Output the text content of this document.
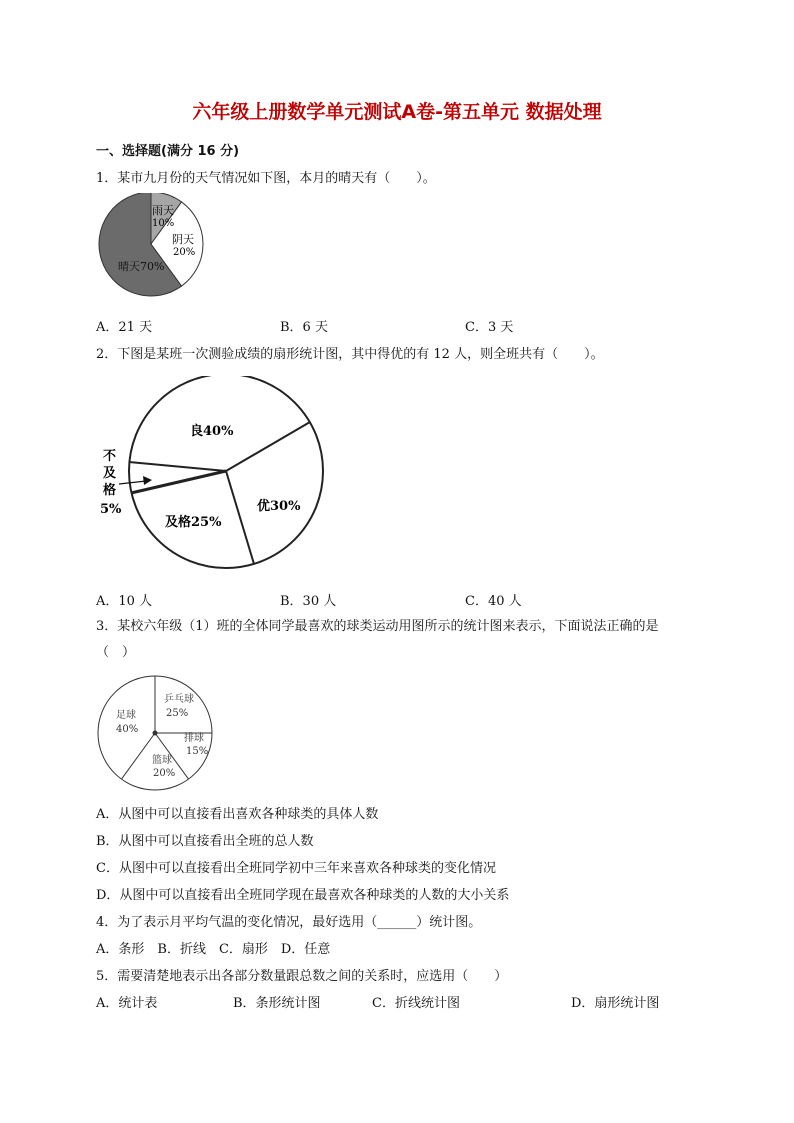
六年级上册数学单元测试A卷-第五单元 数据处理
一、选择题(满分 16 分)
1．某市九月份的天气情况如下图，本月的晴天有（　　）。
雨天
10%
阴天
20%
晴天70%
A．21 天	B．6 天	C．3 天
2．下图是某班一次测验成绩的扇形统计图，其中得优的有 12 人，则全班共有（　　）。
良40%
优30%
及格25%
不
及
格
5%
A．10 人	B．30 人	C．40 人
3．某校六年级（1）班的全体同学最喜欢的球类运动用图所示的统计图来表示，下面说法正确的是
（　）
乒乓球
25%
排球
15%
篮球
20%
足球
40%
A．从图中可以直接看出喜欢各种球类的具体人数
B．从图中可以直接看出全班的总人数
C．从图中可以直接看出全班同学初中三年来喜欢各种球类的变化情况
D．从图中可以直接看出全班同学现在最喜欢各种球类的人数的大小关系
4．为了表示月平均气温的变化情况，最好选用（______）统计图。
A．条形　B．折线　C．扇形　D．任意
5．需要清楚地表示出各部分数量跟总数之间的关系时，应选用（　　）
A．统计表	B．条形统计图	C．折线统计图	D．扇形统计图
